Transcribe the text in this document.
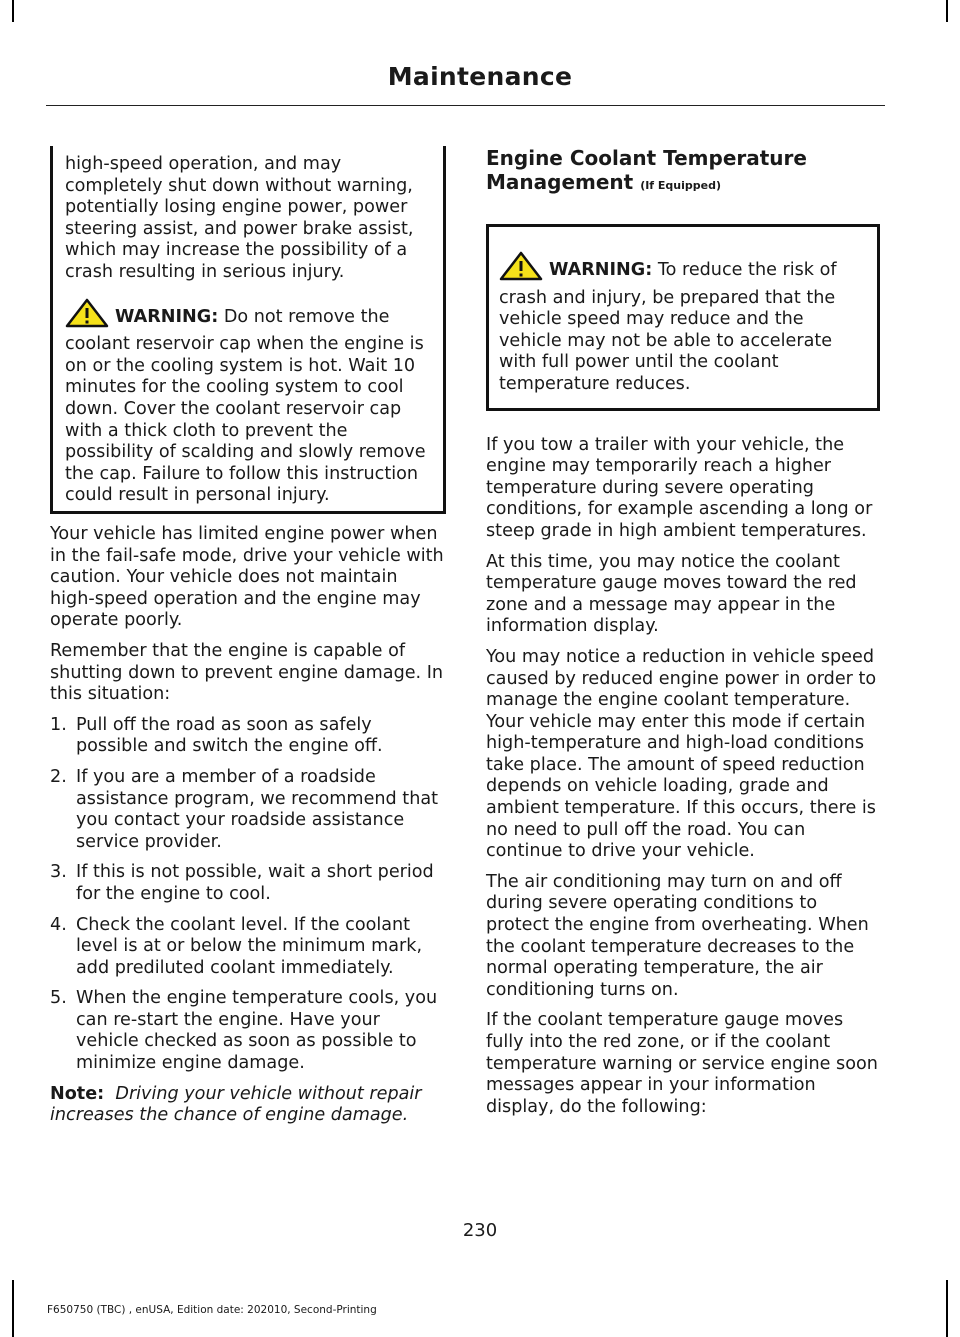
Maintenance

high-speed operation, and may completely shut down without warning, potentially losing engine power, power steering assist, and power brake assist, which may increase the possibility of a crash resulting in serious injury.

WARNING: Do not remove the coolant reservoir cap when the engine is on or the cooling system is hot. Wait 10 minutes for the cooling system to cool down. Cover the coolant reservoir cap with a thick cloth to prevent the possibility of scalding and slowly remove the cap. Failure to follow this instruction could result in personal injury.

Your vehicle has limited engine power when in the fail-safe mode, drive your vehicle with caution. Your vehicle does not maintain high-speed operation and the engine may operate poorly.

Remember that the engine is capable of shutting down to prevent engine damage. In this situation:

1. Pull off the road as soon as safely possible and switch the engine off.
2. If you are a member of a roadside assistance program, we recommend that you contact your roadside assistance service provider.
3. If this is not possible, wait a short period for the engine to cool.
4. Check the coolant level. If the coolant level is at or below the minimum mark, add prediluted coolant immediately.
5. When the engine temperature cools, you can re-start the engine. Have your vehicle checked as soon as possible to minimize engine damage.

Note: Driving your vehicle without repair increases the chance of engine damage.

Engine Coolant Temperature
Management (If Equipped)

WARNING: To reduce the risk of crash and injury, be prepared that the vehicle speed may reduce and the vehicle may not be able to accelerate with full power until the coolant temperature reduces.

If you tow a trailer with your vehicle, the engine may temporarily reach a higher temperature during severe operating conditions, for example ascending a long or steep grade in high ambient temperatures.

At this time, you may notice the coolant temperature gauge moves toward the red zone and a message may appear in the information display.

You may notice a reduction in vehicle speed caused by reduced engine power in order to manage the engine coolant temperature. Your vehicle may enter this mode if certain high-temperature and high-load conditions take place. The amount of speed reduction depends on vehicle loading, grade and ambient temperature. If this occurs, there is no need to pull off the road. You can continue to drive your vehicle.

The air conditioning may turn on and off during severe operating conditions to protect the engine from overheating. When the coolant temperature decreases to the normal operating temperature, the air conditioning turns on.

If the coolant temperature gauge moves fully into the red zone, or if the coolant temperature warning or service engine soon messages appear in your information display, do the following:

230
F650750 (TBC) , enUSA, Edition date: 202010, Second-Printing
